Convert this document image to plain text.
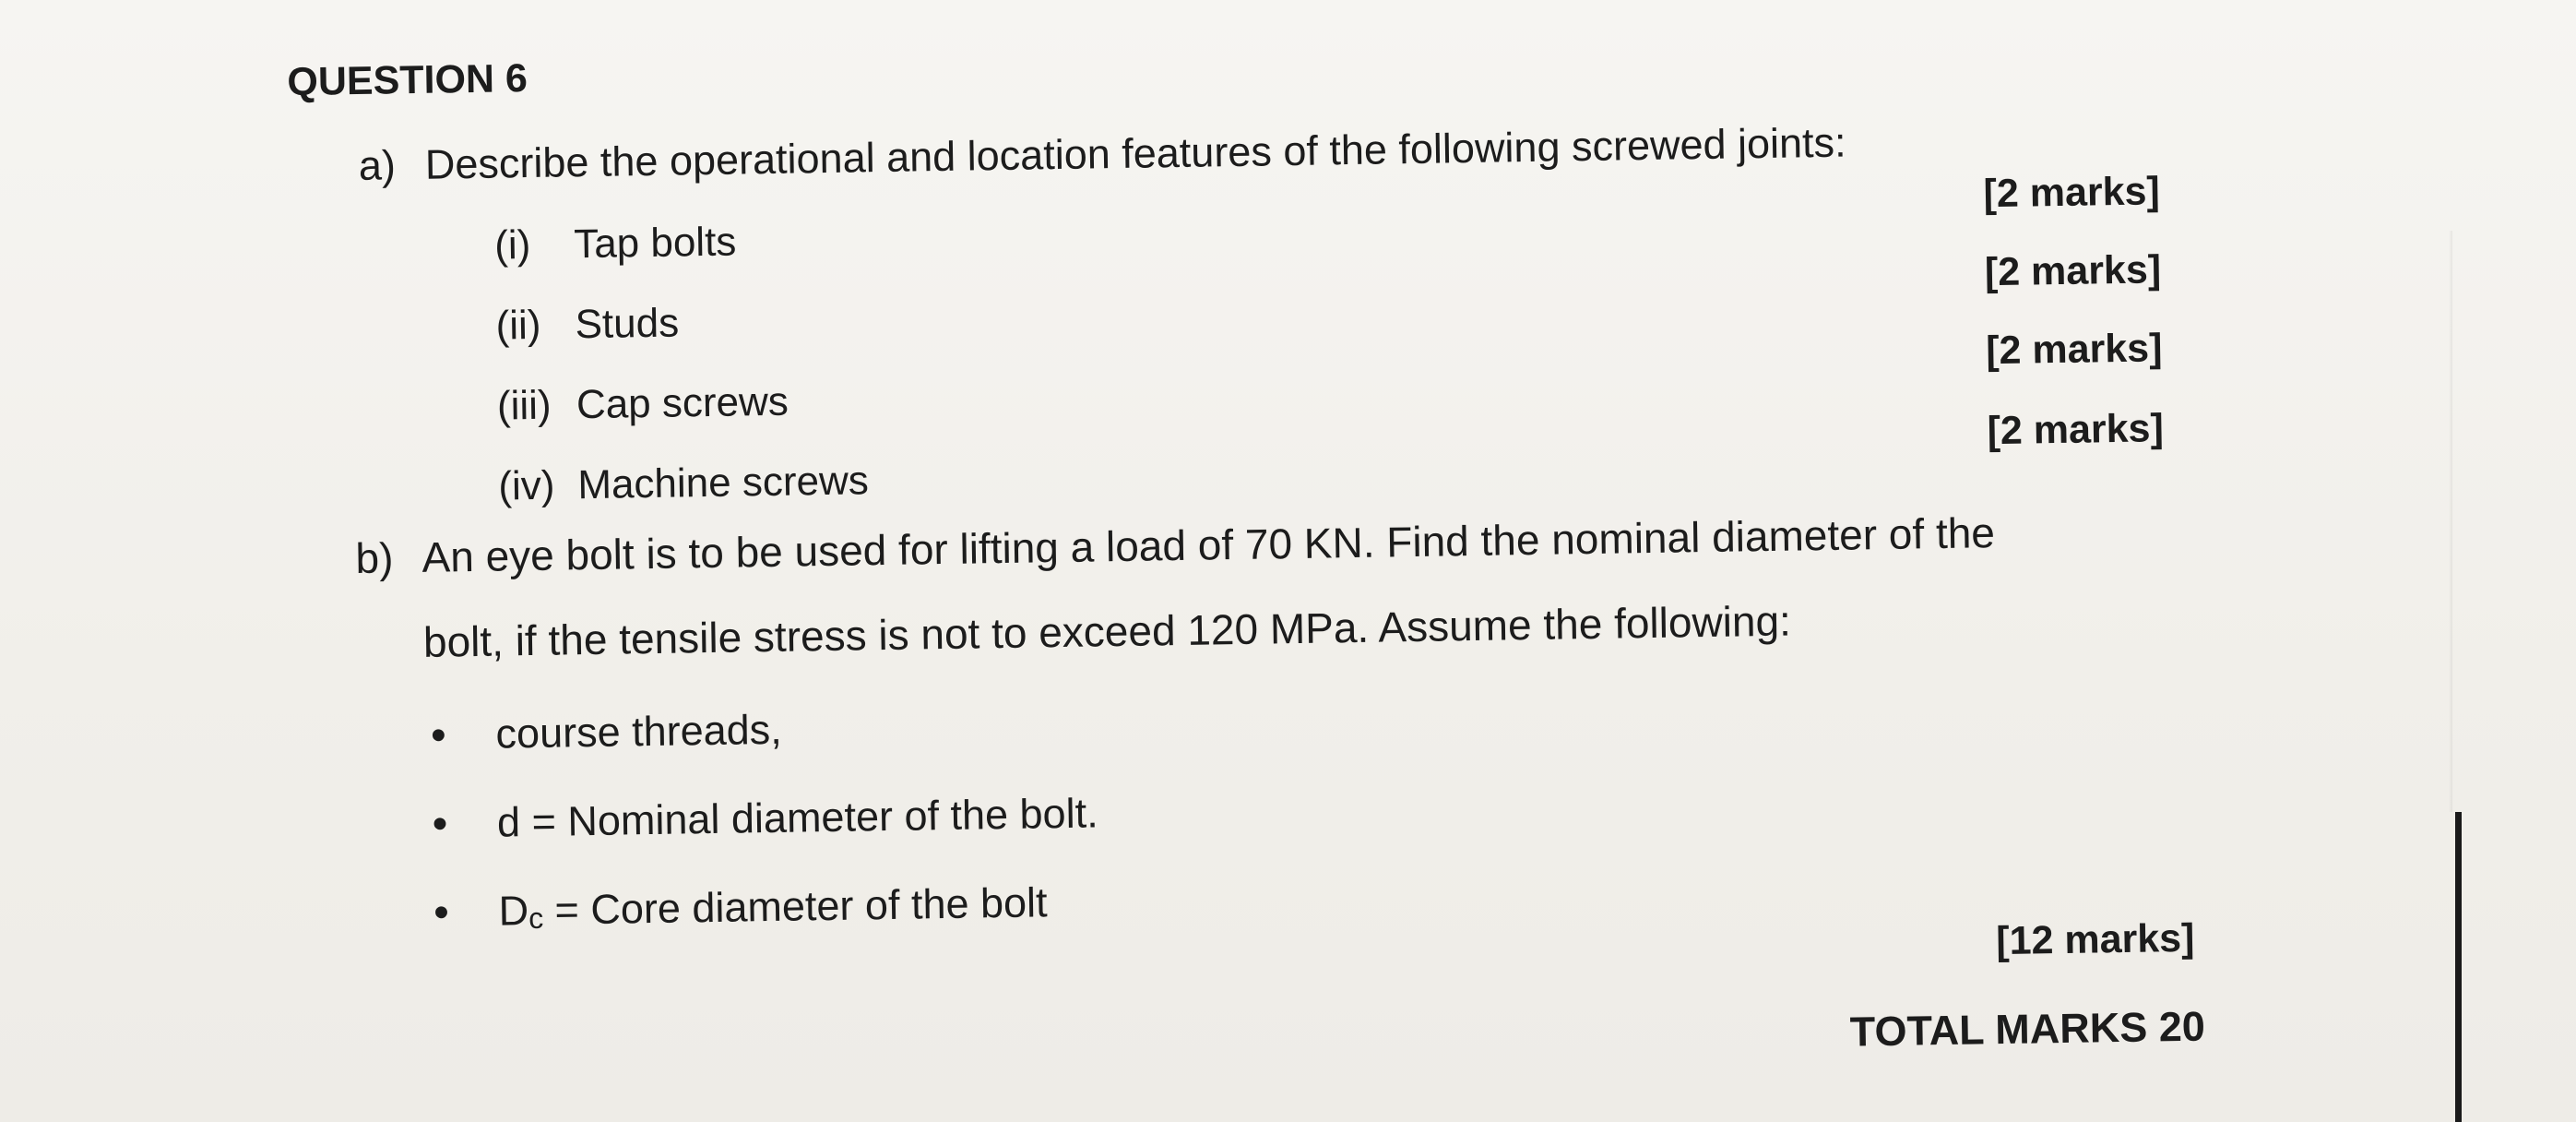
QUESTION 6
a) Describe the operational and location features of the following screwed joints:
(i) Tap bolts
[2 marks]
(ii) Studs
[2 marks]
(iii) Cap screws
[2 marks]
(iv) Machine screws
[2 marks]
b) An eye bolt is to be used for lifting a load of 70 KN. Find the nominal diameter of the
bolt, if the tensile stress is not to exceed 120 MPa. Assume the following:
• course threads,
• d = Nominal diameter of the bolt.
• Dc = Core diameter of the bolt
[12 marks]
TOTAL MARKS 20
